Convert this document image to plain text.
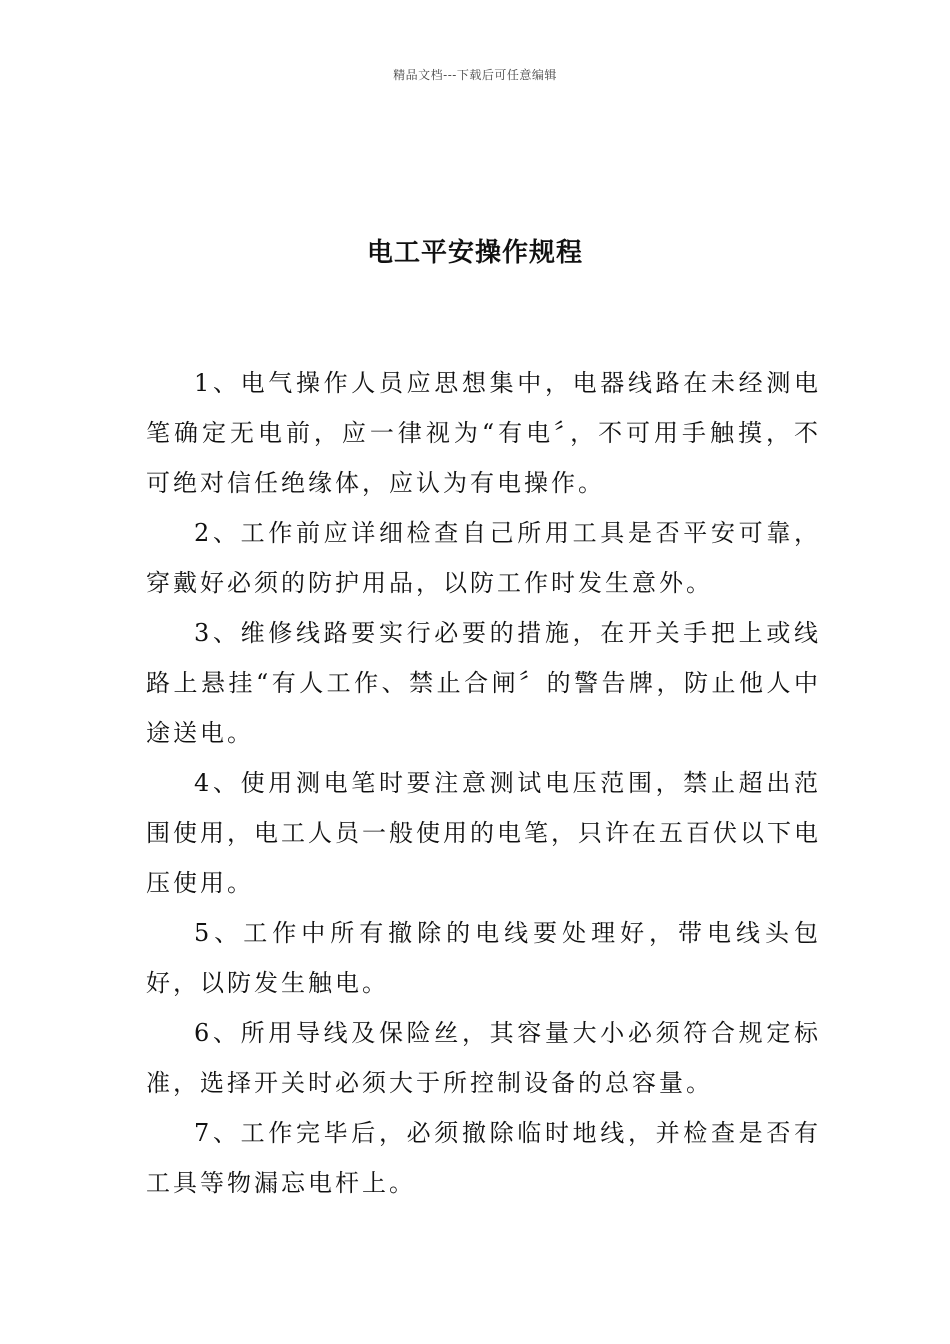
精品文档---下载后可任意编辑
电工平安操作规程

1、电气操作人员应思想集中，电器线路在未经测电笔确定无电前，应一律视为“有电〞，不可用手触摸，不可绝对信任绝缘体，应认为有电操作。

2、工作前应详细检查自己所用工具是否平安可靠，穿戴好必须的防护用品，以防工作时发生意外。

3、维修线路要实行必要的措施，在开关手把上或线路上悬挂“有人工作、禁止合闸〞的警告牌，防止他人中途送电。

4、使用测电笔时要注意测试电压范围，禁止超出范围使用，电工人员一般使用的电笔，只许在五百伏以下电压使用。

5、工作中所有撤除的电线要处理好，带电线头包好，以防发生触电。

6、所用导线及保险丝，其容量大小必须符合规定标准，选择开关时必须大于所控制设备的总容量。

7、工作完毕后，必须撤除临时地线，并检查是否有工具等物漏忘电杆上。
